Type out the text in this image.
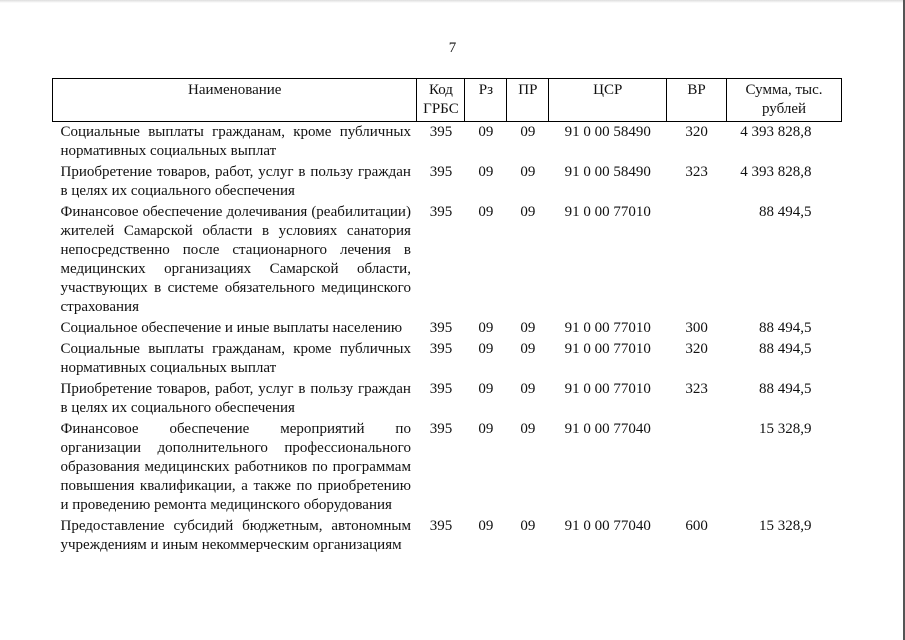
7
Наименование	Код ГРБС	Рз	ПР	ЦСР	ВР	Сумма, тыс. рублей
Социальные выплаты гражданам, кроме публичных нормативных социальных выплат	395	09	09	91 0 00 58490	320	4 393 828,8
Приобретение товаров, работ, услуг в пользу граждан в целях их социального обеспечения	395	09	09	91 0 00 58490	323	4 393 828,8
Финансовое обеспечение долечивания (реабилитации) жителей Самарской области в условиях санатория непосредственно после стационарного лечения в медицинских организациях Самарской области, участвующих в системе обязательного медицинского страхования	395	09	09	91 0 00 77010		88 494,5
Социальное обеспечение и иные выплаты населению	395	09	09	91 0 00 77010	300	88 494,5
Социальные выплаты гражданам, кроме публичных нормативных социальных выплат	395	09	09	91 0 00 77010	320	88 494,5
Приобретение товаров, работ, услуг в пользу граждан в целях их социального обеспечения	395	09	09	91 0 00 77010	323	88 494,5
Финансовое обеспечение мероприятий по организации дополнительного профессионального образования медицинских работников по программам повышения квалификации, а также по приобретению и проведению ремонта медицинского оборудования	395	09	09	91 0 00 77040		15 328,9
Предоставление субсидий бюджетным, автономным учреждениям и иным некоммерческим организациям	395	09	09	91 0 00 77040	600	15 328,9
